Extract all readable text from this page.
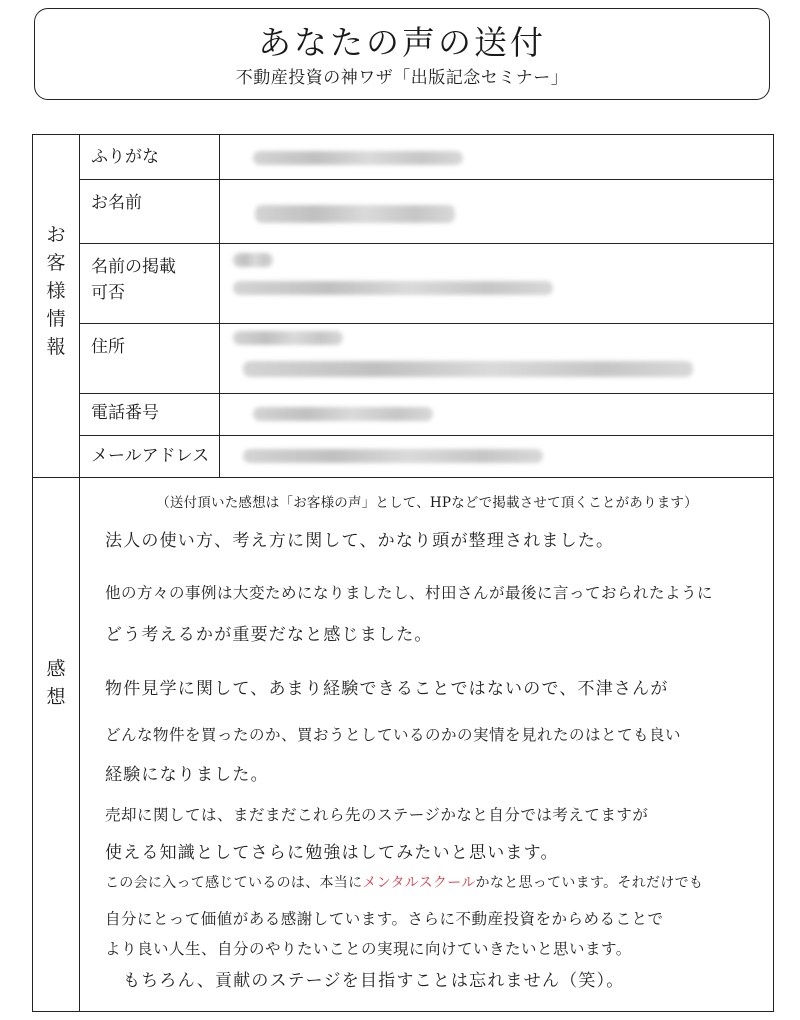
あなたの声の送付
不動産投資の神ワザ「出版記念セミナー」
お
客
様
情
報
ふりがな
お名前
名前の掲載
可否
住所
電話番号
メールアドレス
感
想
（送付頂いた感想は「お客様の声」として、HPなどで掲載させて頂くことがあります）
法人の使い方、考え方に関して、かなり頭が整理されました。
他の方々の事例は大変ためになりましたし、村田さんが最後に言っておられたように
どう考えるかが重要だなと感じました。
物件見学に関して、あまり経験できることではないので、不津さんが
どんな物件を買ったのか、買おうとしているのかの実情を見れたのはとても良い
経験になりました。
売却に関しては、まだまだこれら先のステージかなと自分では考えてますが
使える知識としてさらに勉強はしてみたいと思います。
この会に入って感じているのは、本当にメンタルスクールかなと思っています。それだけでも
自分にとって価値がある感謝しています。さらに不動産投資をからめることで
より良い人生、自分のやりたいことの実現に向けていきたいと思います。
もちろん、貢献のステージを目指すことは忘れません（笑）。
